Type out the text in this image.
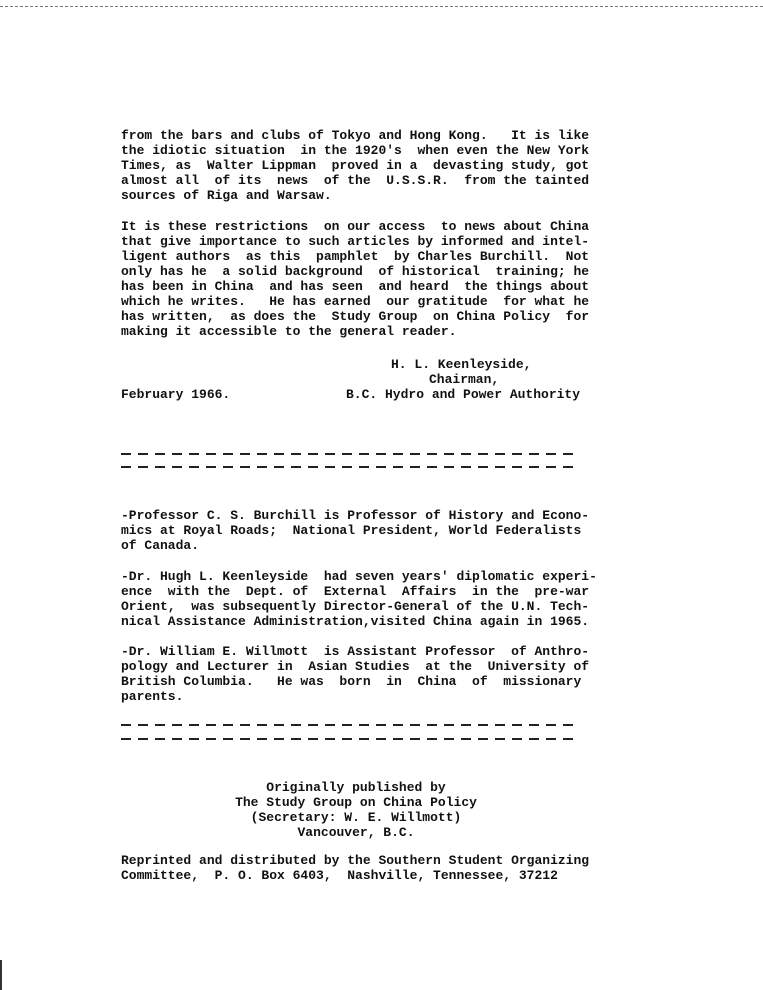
from the bars and clubs of Tokyo and Hong Kong.   It is like

the idiotic situation  in the 1920's  when even the New York

Times, as  Walter Lippman  proved in a  devasting study, got

almost all  of its  news  of the  U.S.S.R.  from the tainted

sources of Riga and Warsaw.

It is these restrictions  on our access  to news about China

that give importance to such articles by informed and intel-

ligent authors  as this  pamphlet  by Charles Burchill.  Not

only has he  a solid background  of historical  training; he

has been in China  and has seen  and heard  the things about

which he writes.   He has earned  our gratitude  for what he

has written,  as does the  Study Group  on China Policy  for

making it accessible to the general reader.

H. L. Keenleyside,
Chairman,
February 1966.	B.C. Hydro and Power Authority

-Professor C. S. Burchill is Professor of History and Econo-

mics at Royal Roads;  National President, World Federalists

of Canada.

-Dr. Hugh L. Keenleyside  had seven years' diplomatic experi-

ence  with the  Dept. of  External  Affairs  in the  pre-war

Orient,  was subsequently Director-General of the U.N. Tech-

nical Assistance Administration,visited China again in 1965.

-Dr. William E. Willmott  is Assistant Professor  of Anthro-

pology and Lecturer in  Asian Studies  at the  University of

British Columbia.   He was  born  in  China  of  missionary

parents.

Originally published by

The Study Group on China Policy

(Secretary: W. E. Willmott)

Vancouver, B.C.

Reprinted and distributed by the Southern Student Organizing

Committee,  P. O. Box 6403,  Nashville, Tennessee, 37212
